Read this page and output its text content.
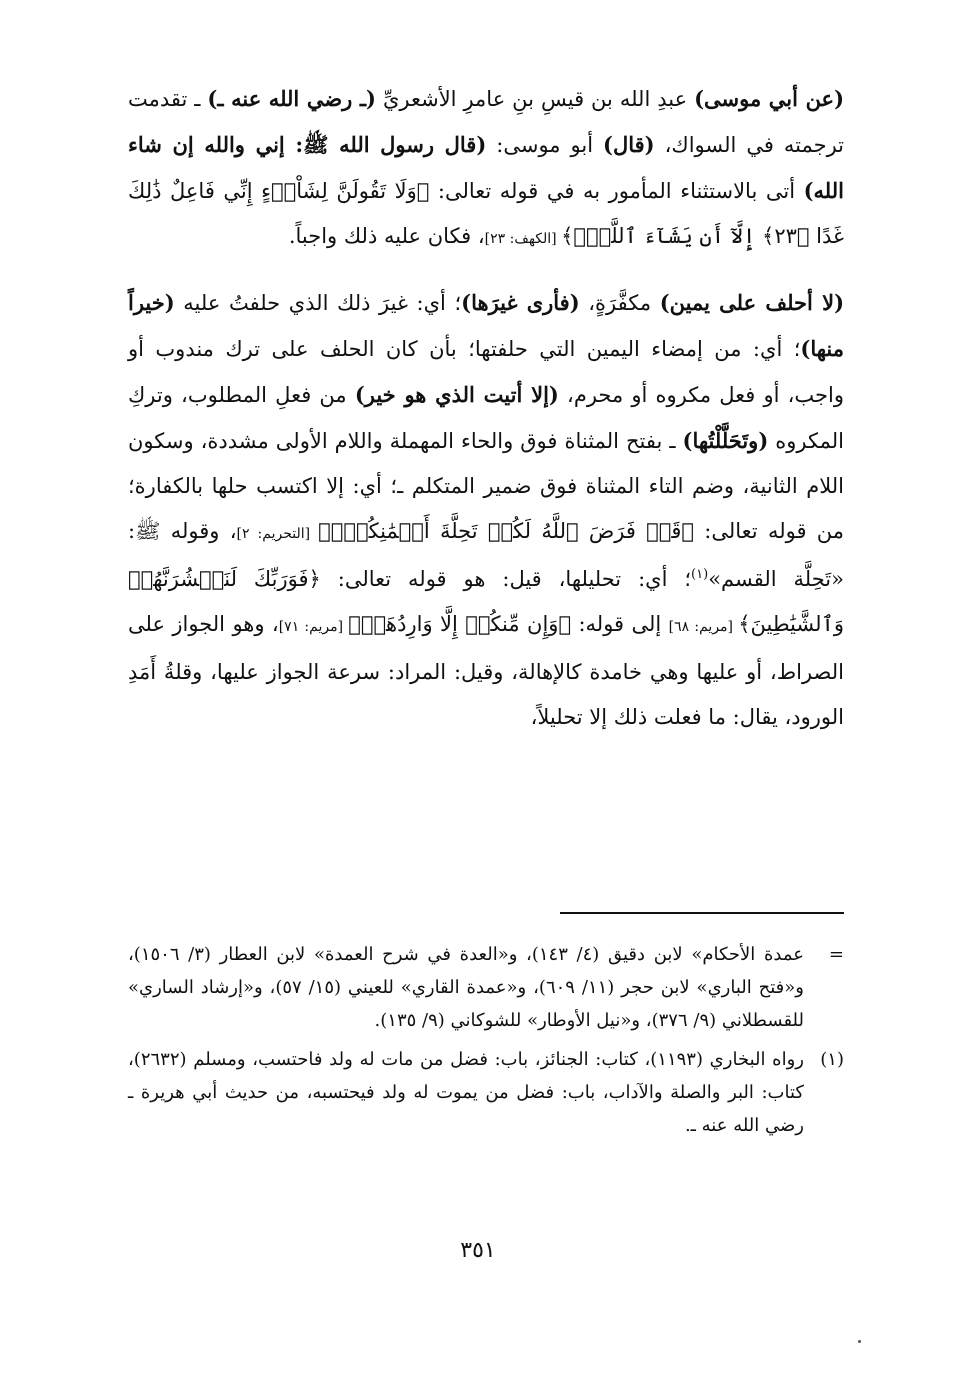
(عن أبي موسى) عبدِ الله بن قيسِ بنِ عامرِ الأشعريِّ (ـ رضي الله عنه ـ) ـ تقدمت ترجمته في السواك، (قال) أبو موسى: (قال رسول الله ﷺ: إني والله إن شاء الله) أتى بالاستثناء المأمور به في قوله تعالى: ﴿وَلَا تَقُولَنَّ لِشَاْيۡءٍ إِنِّي فَاعِلٌ ذَٰلِكَ غَدًا ﴿٢٣﴾ إِلَّآ أَن يَشَآءَ ٱللَّهُۚ﴾ [الكهف: ٢٣]، فكان عليه ذلك واجباً.

(لا أحلف على يمين) مكفَّرَةٍ، (فأرى غيرَها)؛ أي: غيرَ ذلك الذي حلفتُ عليه (خيراً منها)؛ أي: من إمضاء اليمين التي حلفتها؛ بأن كان الحلف على ترك مندوب أو واجب، أو فعل مكروه أو محرم، (إلا أتيت الذي هو خير) من فعلِ المطلوب، وتركِ المكروه (وتَحَلَّلْتُها) ـ بفتح المثناة فوق والحاء المهملة واللام الأولى مشددة، وسكون اللام الثانية، وضم التاء المثناة فوق ضمير المتكلم ـ؛ أي: إلا اكتسب حلها بالكفارة؛ من قوله تعالى: ﴿قَدۡ فَرَضَ ٱللَّهُ لَكُمۡ تَحِلَّةَ أَيۡمَٰنِكُمۡۚ﴾ [التحريم: ٢]، وقوله ﷺ: «تَحِلَّة القسم»$^{(١)}$؛ أي: تحليلها، قيل: هو قوله تعالى: ﴿فَوَرَبِّكَ لَنَحۡشُرَنَّهُمۡ وَٱلشَّيَٰطِينَ﴾ [مريم: ٦٨] إلى قوله: ﴿وَإِن مِّنكُمۡ إِلَّا وَارِدُهَاۚ﴾ [مريم: ٧١]، وهو الجواز على الصراط، أو عليها وهي خامدة كالإهالة، وقيل: المراد: سرعة الجواز عليها، وقلةُ أَمَدِ الورود، يقال: ما فعلت ذلك إلا تحليلاً،

=
عمدة الأحكام» لابن دقيق (٤/ ١٤٣)، و«العدة في شرح العمدة» لابن العطار (٣/ ١٥٠٦)، و«فتح الباري» لابن حجر (١١/ ٦٠٩)، و«عمدة القاري» للعيني (١٥/ ٥٧)، و«إرشاد الساري» للقسطلاني (٩/ ٣٧٦)، و«نيل الأوطار» للشوكاني (٩/ ١٣٥).
(١)
رواه البخاري (١١٩٣)، كتاب: الجنائز، باب: فضل من مات له ولد فاحتسب، ومسلم (٢٦٣٢)، كتاب: البر والصلة والآداب، باب: فضل من يموت له ولد فيحتسبه، من حديث أبي هريرة ـ رضي الله عنه ـ.
٣٥١
